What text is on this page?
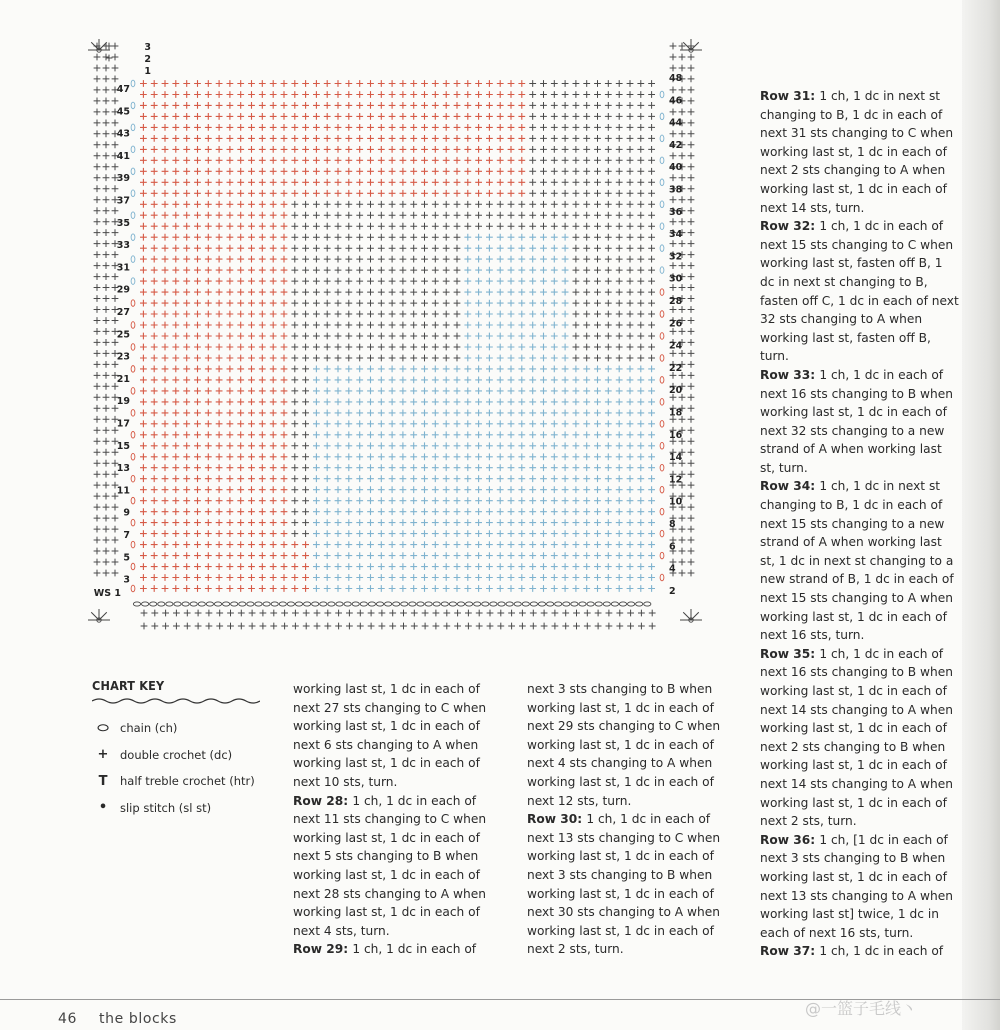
47
45
43
41
39
37
35
33
31
29
27
25
23
21
19
17
15
13
11
9
7
5
3
48
46
44
42
40
38
36
34
32
30
28
26
24
22
20
18
16
14
12
10
8
6
4
2
3
2
1
WS 1
CHART KEY
⬭ chain (ch)
+	double crochet (dc)
T	half treble crochet (htr)
•	slip stitch (sl st)

working last st, 1 dc in each of next 27 sts changing to C when working last st, 1 dc in each of next 6 sts changing to A when working last st, 1 dc in each of next 10 sts, turn.

Row 28: 1 ch, 1 dc in each of next 11 sts changing to C when working last st, 1 dc in each of next 5 sts changing to B when working last st, 1 dc in each of next 28 sts changing to A when working last st, 1 dc in each of next 4 sts, turn.

Row 29: 1 ch, 1 dc in each of

next 3 sts changing to B when working last st, 1 dc in each of next 29 sts changing to C when working last st, 1 dc in each of next 4 sts changing to A when working last st, 1 dc in each of next 12 sts, turn.

Row 30: 1 ch, 1 dc in each of next 13 sts changing to C when working last st, 1 dc in each of next 3 sts changing to B when working last st, 1 dc in each of next 30 sts changing to A when working last st, 1 dc in each of next 2 sts, turn.

Row 31: 1 ch, 1 dc in next st changing to B, 1 dc in each of next 31 sts changing to C when working last st, 1 dc in each of next 2 sts changing to A when working last st, 1 dc in each of next 14 sts, turn.

Row 32: 1 ch, 1 dc in each of next 15 sts changing to C when working last st, fasten off B, 1 dc in next st changing to B, fasten off C, 1 dc in each of next 32 sts changing to A when working last st, fasten off B, turn.

Row 33: 1 ch, 1 dc in each of next 16 sts changing to B when working last st, 1 dc in each of next 32 sts changing to a new strand of A when working last st, turn.

Row 34: 1 ch, 1 dc in next st changing to B, 1 dc in each of next 15 sts changing to a new strand of A when working last st, 1 dc in next st changing to a new strand of B, 1 dc in each of next 15 sts changing to A when working last st, 1 dc in each of next 16 sts, turn.

Row 35: 1 ch, 1 dc in each of next 16 sts changing to B when working last st, 1 dc in each of next 14 sts changing to A when working last st, 1 dc in each of next 2 sts changing to B when working last st, 1 dc in each of next 14 sts changing to A when working last st, 1 dc in each of next 2 sts, turn.

Row 36: 1 ch, [1 dc in each of next 3 sts changing to B when working last st, 1 dc in each of next 13 sts changing to A when working last st] twice, 1 dc in each of next 16 sts, turn.

Row 37: 1 ch, 1 dc in each of

46 the blocks
@一篮子毛线丶
